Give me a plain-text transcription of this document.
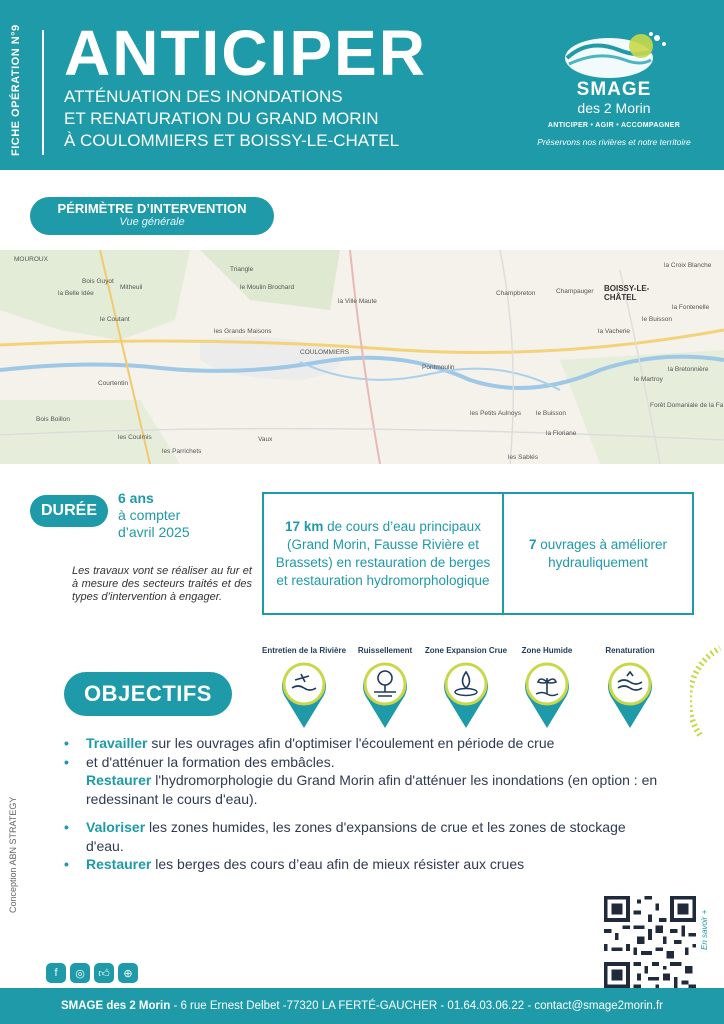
FICHE OPÉRATION N°9 ANTICIPER
ATTÉNUATION DES INONDATIONS
ET RENATURATION DU GRAND MORIN
À COULOMMIERS ET BOISSY-LE-CHATEL
SMAGE
des 2 Morin
ANTICIPER • AGIR • ACCOMPAGNER
Préservons nos rivières et notre territoire
PÉRIMÈTRE D’INTERVENTION
Vue générale
MOUROUX
Bois Guyot
la Belle Idée
Mitheuil
Triangle
le Moulin Brochard
le Coutant
les Grands Maisons
la Ville Maute
COULOMMIERS
Pontmoulin
Courtentin
Bois Boillon
les Coulmis
les Parrichets
Vaux
les Petits Aulnoys le Buisson
la Floriane
les Sablés
Champbreton	Champauger
la Croix Blanche
BOISSY-LE-CHÂTEL
le Buisson
la Fontenelle
la Vacherie
le Martroy
la Bretonnière
Forêt Domaniale de la Fa
DURÉE
6 ans
à compter
d’avril 2025
Les travaux vont se réaliser au fur et à mesure des secteurs traités et des types d’intervention à engager.
17 km de cours d’eau principaux (Grand Morin, Fausse Rivière et Brassets) en restauration de berges et restauration hydromorphologique
7 ouvrages à améliorer hydrauliquement
OBJECTIFS
Entretien de la Rivière	Ruissellement	Zone Expansion Crue	Zone Humide	Renaturation
• Travailler sur les ouvrages afin d'optimiser l'écoulement en période de crue
• et d'atténuer la formation des embâcles.
Restaurer l'hydromorphologie du Grand Morin afin d'atténuer les inondations (en option : en redessinant le cours d'eau).
• Valoriser les zones humides, les zones d'expansions de crue et les zones de stockage d'eau.
• Restaurer les berges des cours d’eau afin de mieux résister aux crues
Conception ABN STRATEGY
En savoir +
f	◎	👍︎	⊕
SMAGE des 2 Morin - 6 rue Ernest Delbet -77320 LA FERTÉ-GAUCHER - 01.64.03.06.22 - contact@smage2morin.fr
